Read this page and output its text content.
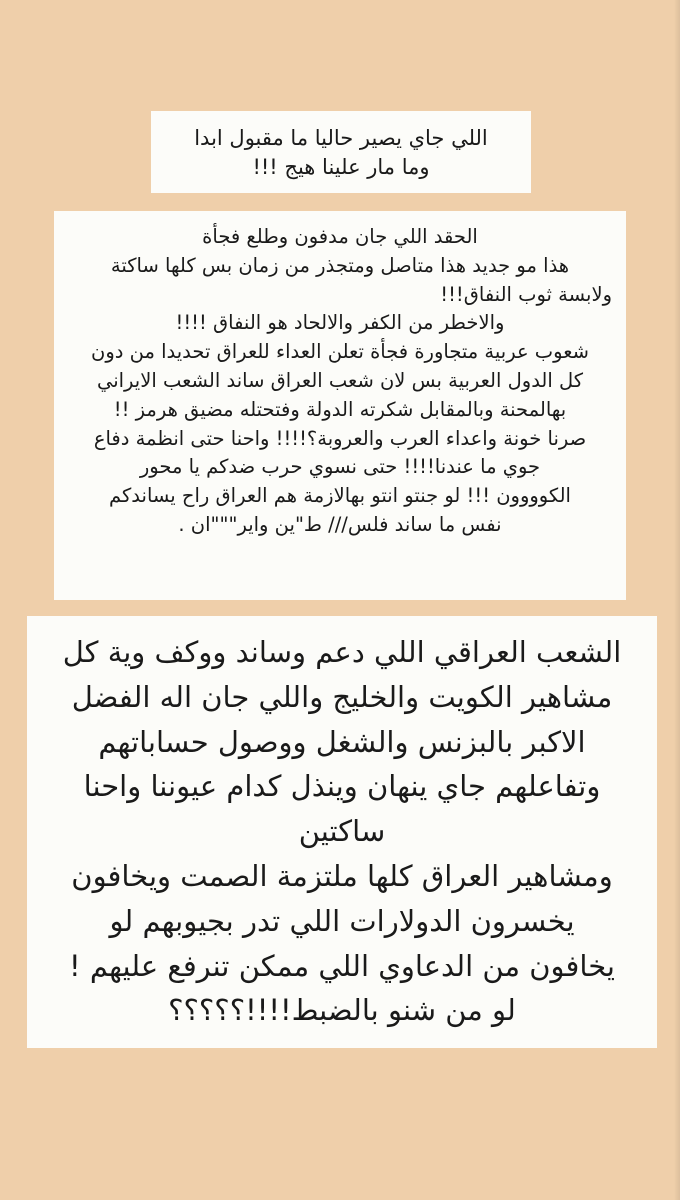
اللي جاي يصير حاليا ما مقبول ابدا
وما مار علينا هيج !!!
الحقد اللي جان مدفون وطلع فجأة
هذا مو جديد هذا متاصل ومتجذر من زمان بس كلها ساكتة
ولابسة ثوب النفاق!!!
والاخطر من الكفر والالحاد هو النفاق !!!!
شعوب عربية متجاورة فجأة تعلن العداء للعراق تحديدا من دون
كل الدول العربية بس لان شعب العراق ساند الشعب الايراني
بهالمحنة وبالمقابل شكرته الدولة وفتحتله مضيق هرمز !!
صرنا خونة واعداء العرب والعروبة؟!!!! واحنا حتى انظمة دفاع
جوي ما عندنا!!!! حتى نسوي حرب ضدكم يا محور
الكوووون !!! لو جنتو انتو بهالازمة هم العراق راح يساندكم
نفس ما ساند فلس/// ط"ين واير"""ان .
الشعب العراقي اللي دعم وساند ووكف وية كل
مشاهير الكويت والخليج واللي جان اله الفضل
الاكبر بالبزنس والشغل ووصول حساباتهم
وتفاعلهم جاي ينهان وينذل كدام عيوننا واحنا
ساكتين
ومشاهير العراق كلها ملتزمة الصمت ويخافون
يخسرون الدولارات اللي تدر بجيوبهم لو
يخافون من الدعاوي اللي ممكن تنرفع عليهم !
لو من شنو بالضبط!!!!؟؟؟؟؟
